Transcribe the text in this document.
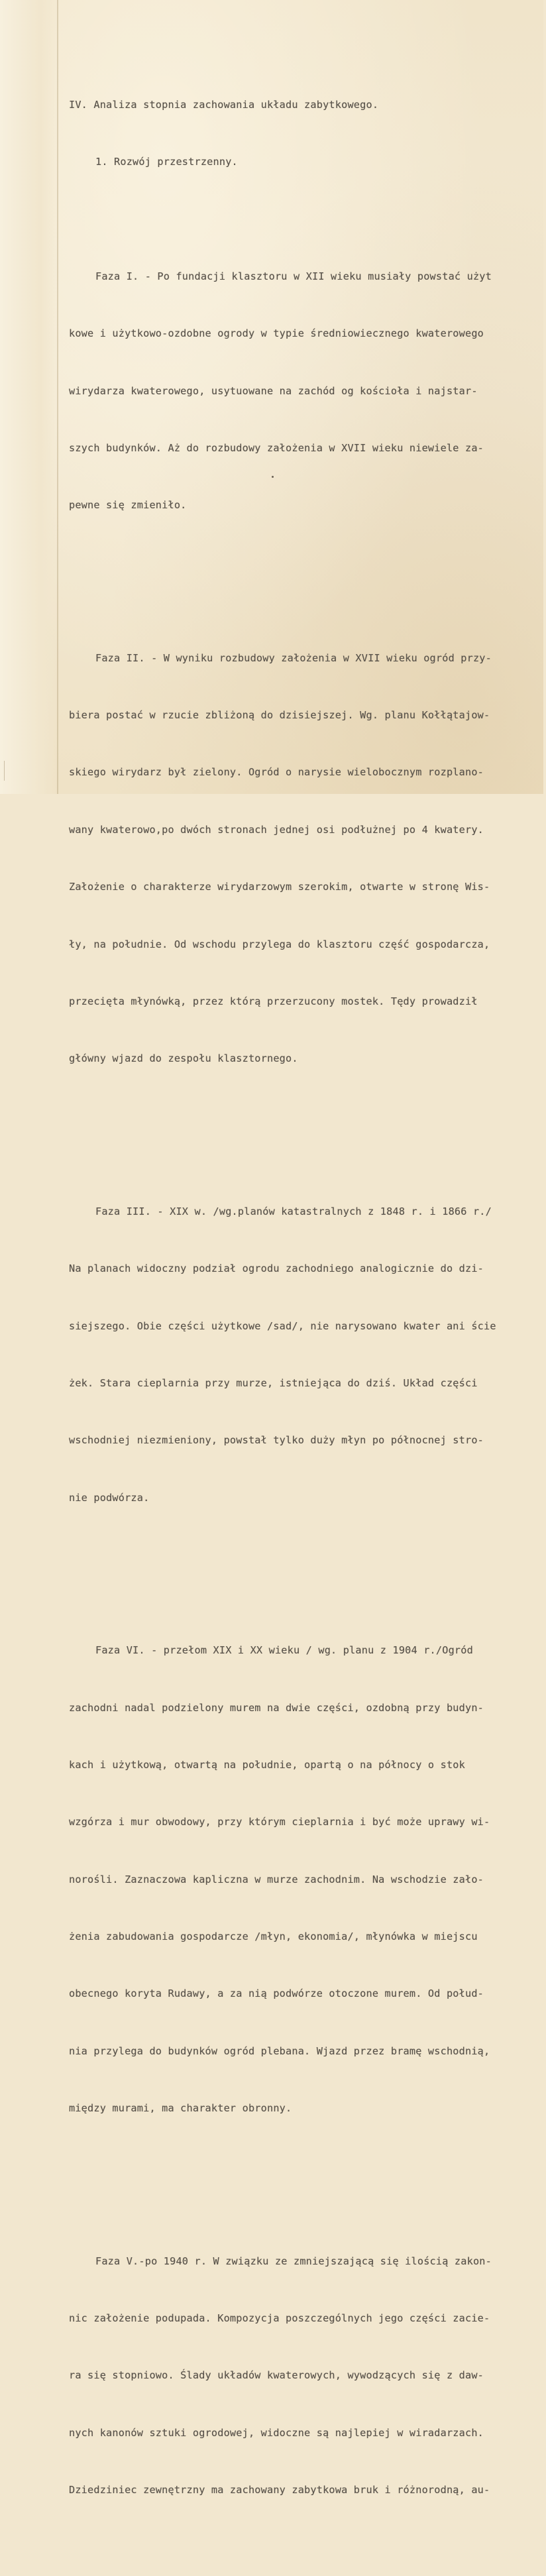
IV. Analiza stopnia zachowania układu zabytkowego.

1. Rozwój przestrzenny.

Faza I. - Po fundacji klasztoru w XII wieku musiały powstać użyt

kowe i użytkowo-ozdobne ogrody w typie średniowiecznego kwaterowego

wirydarza kwaterowego, usytuowane na zachód og kościoła i najstar-

szych budynków. Aż do rozbudowy założenia w XVII wieku niewiele za-

pewne się zmieniło.

Faza II. - W wyniku rozbudowy założenia w XVII wieku ogród przy-

biera postać w rzucie zbliżoną do dzisiejszej. Wg. planu Kołłątajow-

skiego wirydarz był zielony. Ogród o narysie wielobocznym rozplano-

wany kwaterowo,po dwóch stronach jednej osi podłużnej po 4 kwatery.

Założenie o charakterze wirydarzowym szerokim, otwarte w stronę Wis-

ły, na południe. Od wschodu przylega do klasztoru część gospodarcza,

przecięta młynówką, przez którą przerzucony mostek. Tędy prowadził

główny wjazd do zespołu klasztornego.

Faza III. - XIX w. /wg.planów katastralnych z 1848 r. i 1866 r./

Na planach widoczny podział ogrodu zachodniego analogicznie do dzi-

siejszego. Obie części użytkowe /sad/, nie narysowano kwater ani ście

żek. Stara cieplarnia przy murze, istniejąca do dziś. Układ części

wschodniej niezmieniony, powstał tylko duży młyn po północnej stro-

nie podwórza.

Faza VI. - przełom XIX i XX wieku / wg. planu z 1904 r./Ogród

zachodni nadal podzielony murem na dwie części, ozdobną przy budyn-

kach i użytkową, otwartą na południe, opartą o na północy o stok

wzgórza i mur obwodowy, przy którym cieplarnia i być może uprawy wi-

norośli. Zaznaczowa kapliczna w murze zachodnim. Na wschodzie zało-

żenia zabudowania gospodarcze /młyn, ekonomia/, młynówka w miejscu

obecnego koryta Rudawy, a za nią podwórze otoczone murem. Od połud-

nia przylega do budynków ogród plebana. Wjazd przez bramę wschodnią,

między murami, ma charakter obronny.

Faza V.-po 1940 r. W związku ze zmniejszającą się ilością zakon-

nic założenie podupada. Kompozycja poszczególnych jego części zacie-

ra się stopniowo. Ślady układów kwaterowych, wywodzących się z daw-

nych kanonów sztuki ogrodowej, widoczne są najlepiej w wiradarzach.

Dziedziniec zewnętrzny ma zachowany zabytkowa bruk i różnorodną, au-
